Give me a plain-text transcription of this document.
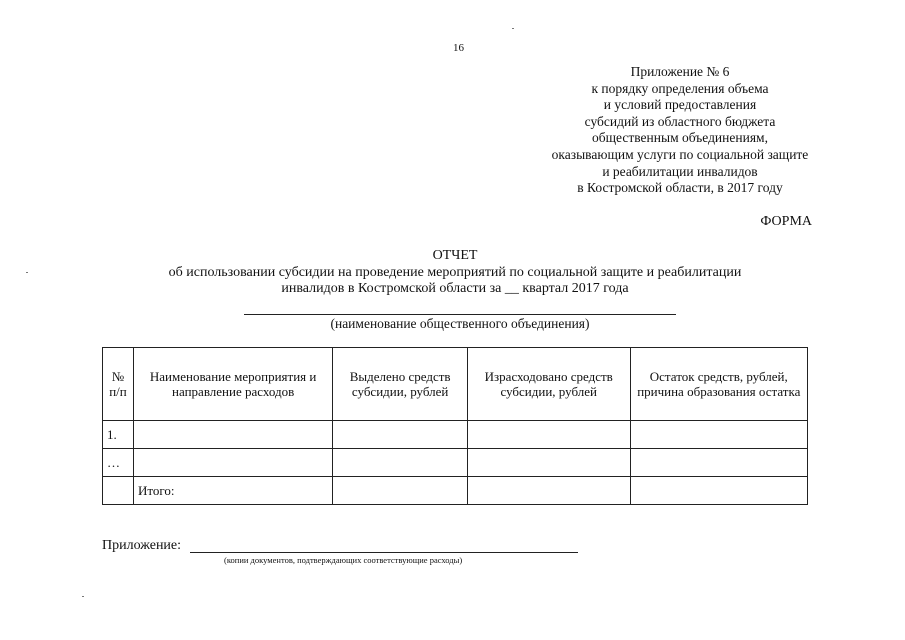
16
Приложение № 6
к порядку определения объема
и условий предоставления
субсидий из областного бюджета
общественным объединениям,
оказывающим услуги по социальной защите
и реабилитации инвалидов
в Костромской области, в 2017 году
ФОРМА
ОТЧЕТ
об использовании субсидии на проведение мероприятий по социальной защите и реабилитации
инвалидов в Костромской области за __ квартал 2017 года
(наименование общественного объединения)
№ п/п	Наименование мероприятия и направление расходов	Выделено средств субсидии, рублей	Израсходовано средств субсидии, рублей	Остаток средств, рублей, причина образования остатка
1.				
…				
	Итого:			
Приложение:
(копии документов, подтверждающих соответствующие расходы)
